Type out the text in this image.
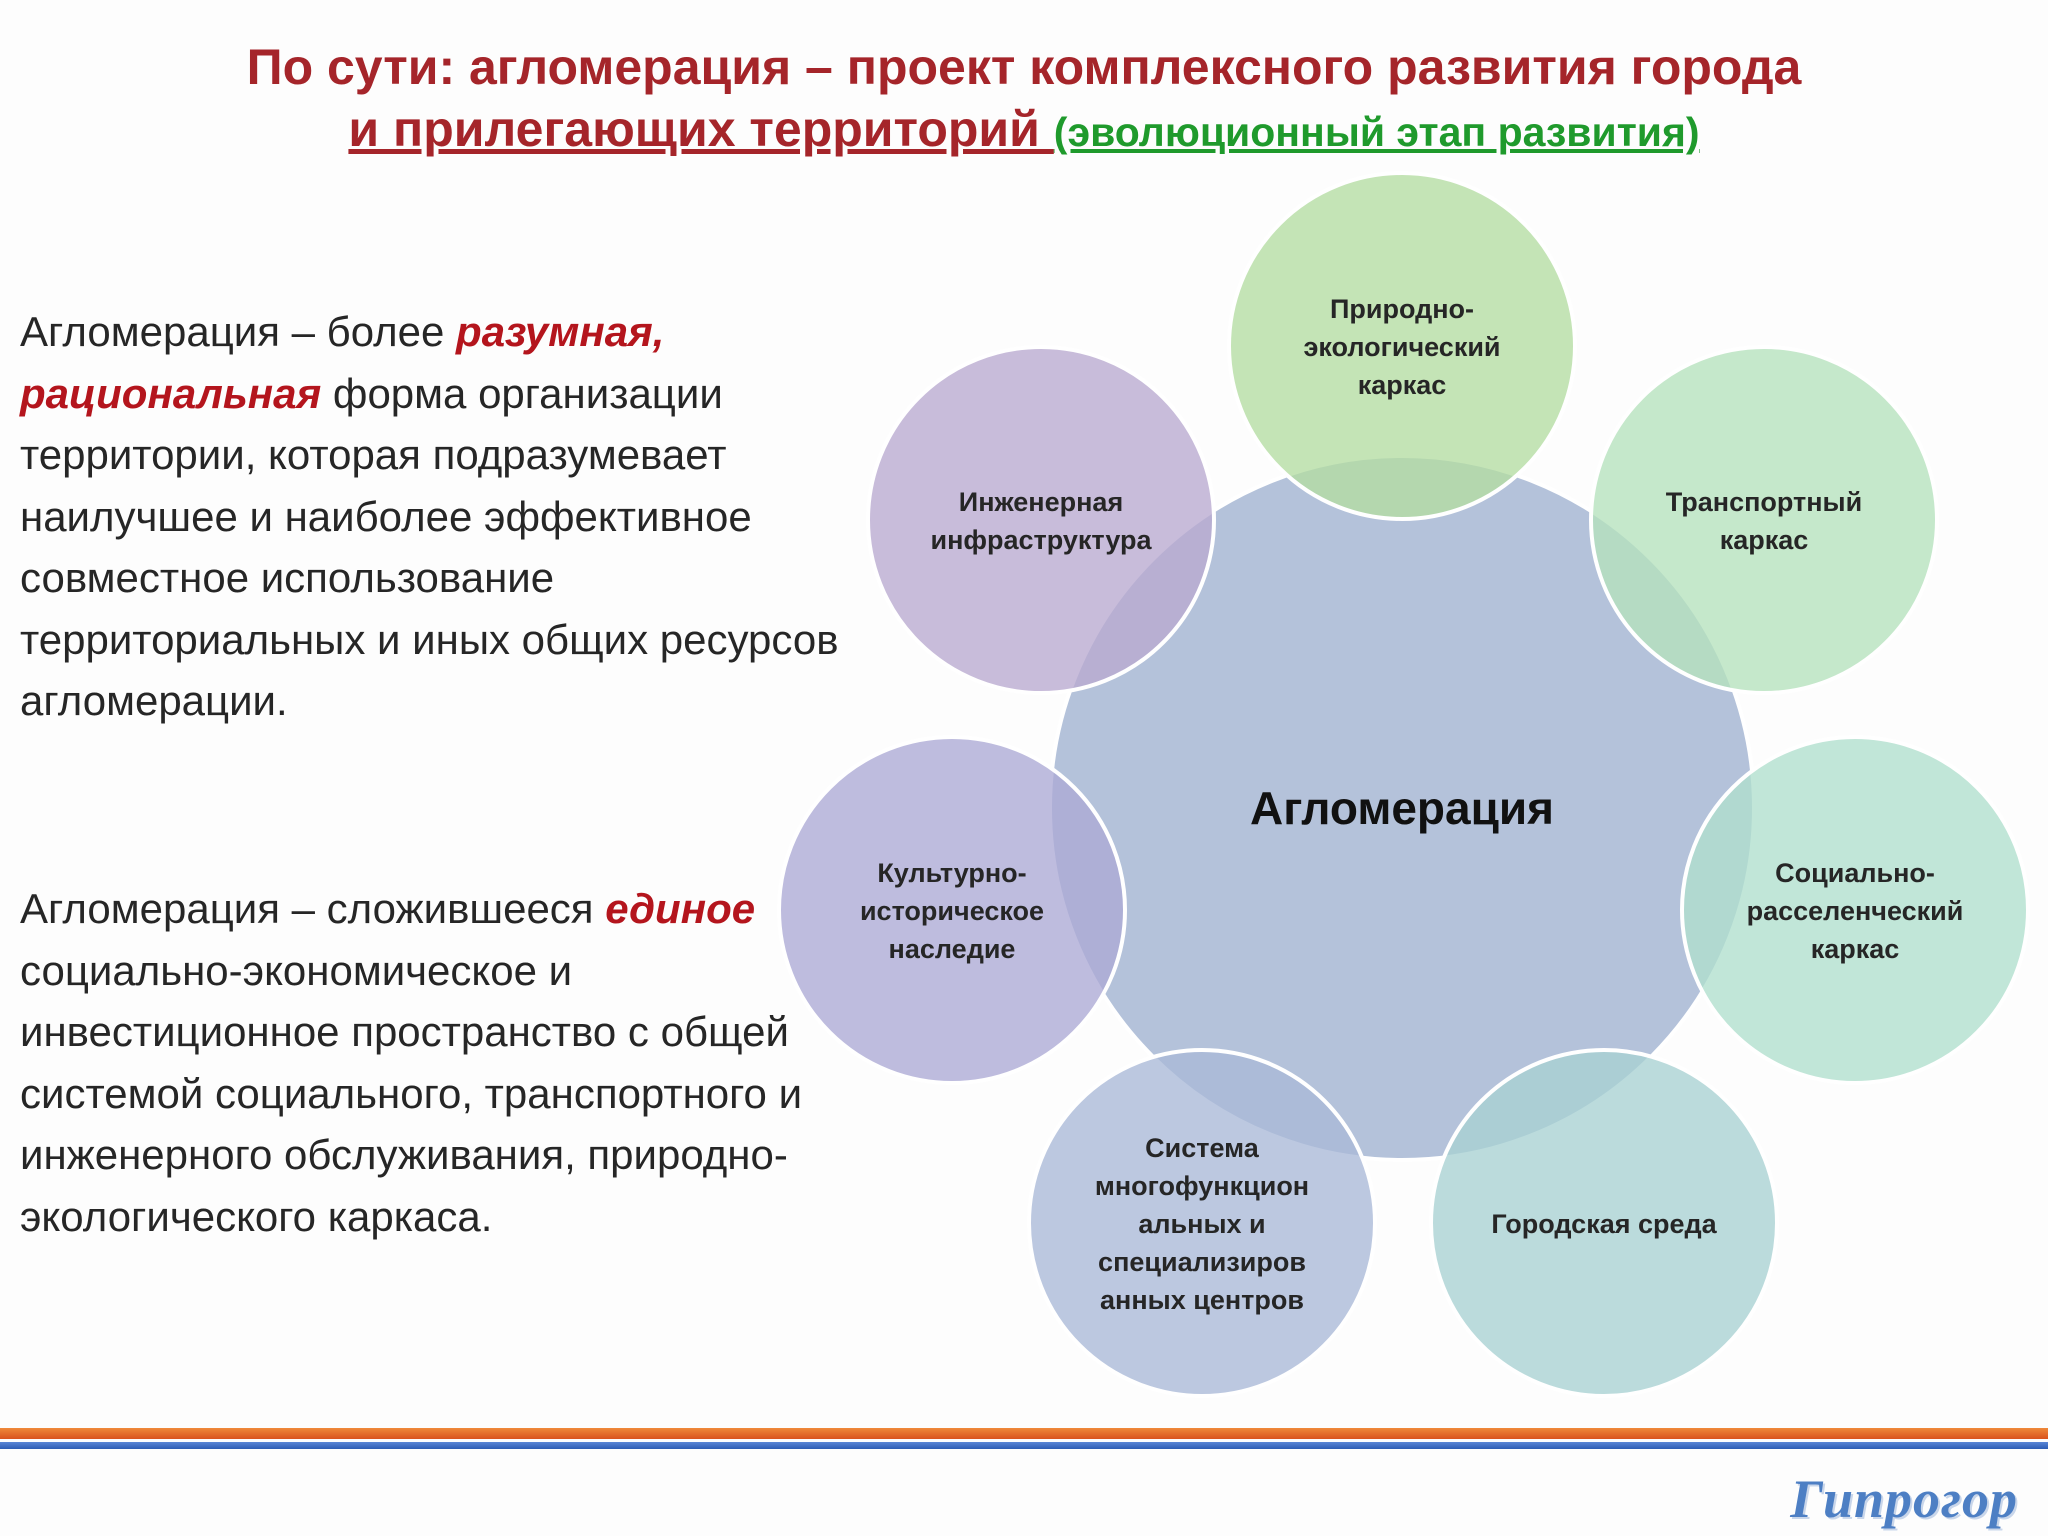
По сути: агломерация – проект комплексного развития города
и прилегающих территорий (эволюционный этап развития)
Агломерация – более разумная, рациональная форма организации территории, которая подразумевает наилучшее и наиболее эффективное совместное использование территориальных и иных общих ресурсов агломерации.
Агломерация – сложившееся единое социально-экономическое и инвестиционное пространство с общей системой социального, транспортного и инженерного обслуживания, природно-экологического каркаса.
Агломерация
Природно-экологический каркас
Транспортный каркас
Социально-расселенческий каркас
Городская среда
Система многофункцион альных и специализиров анных центров
Культурно-историческое наследие
Инженерная инфраструктура
Гипрогор
